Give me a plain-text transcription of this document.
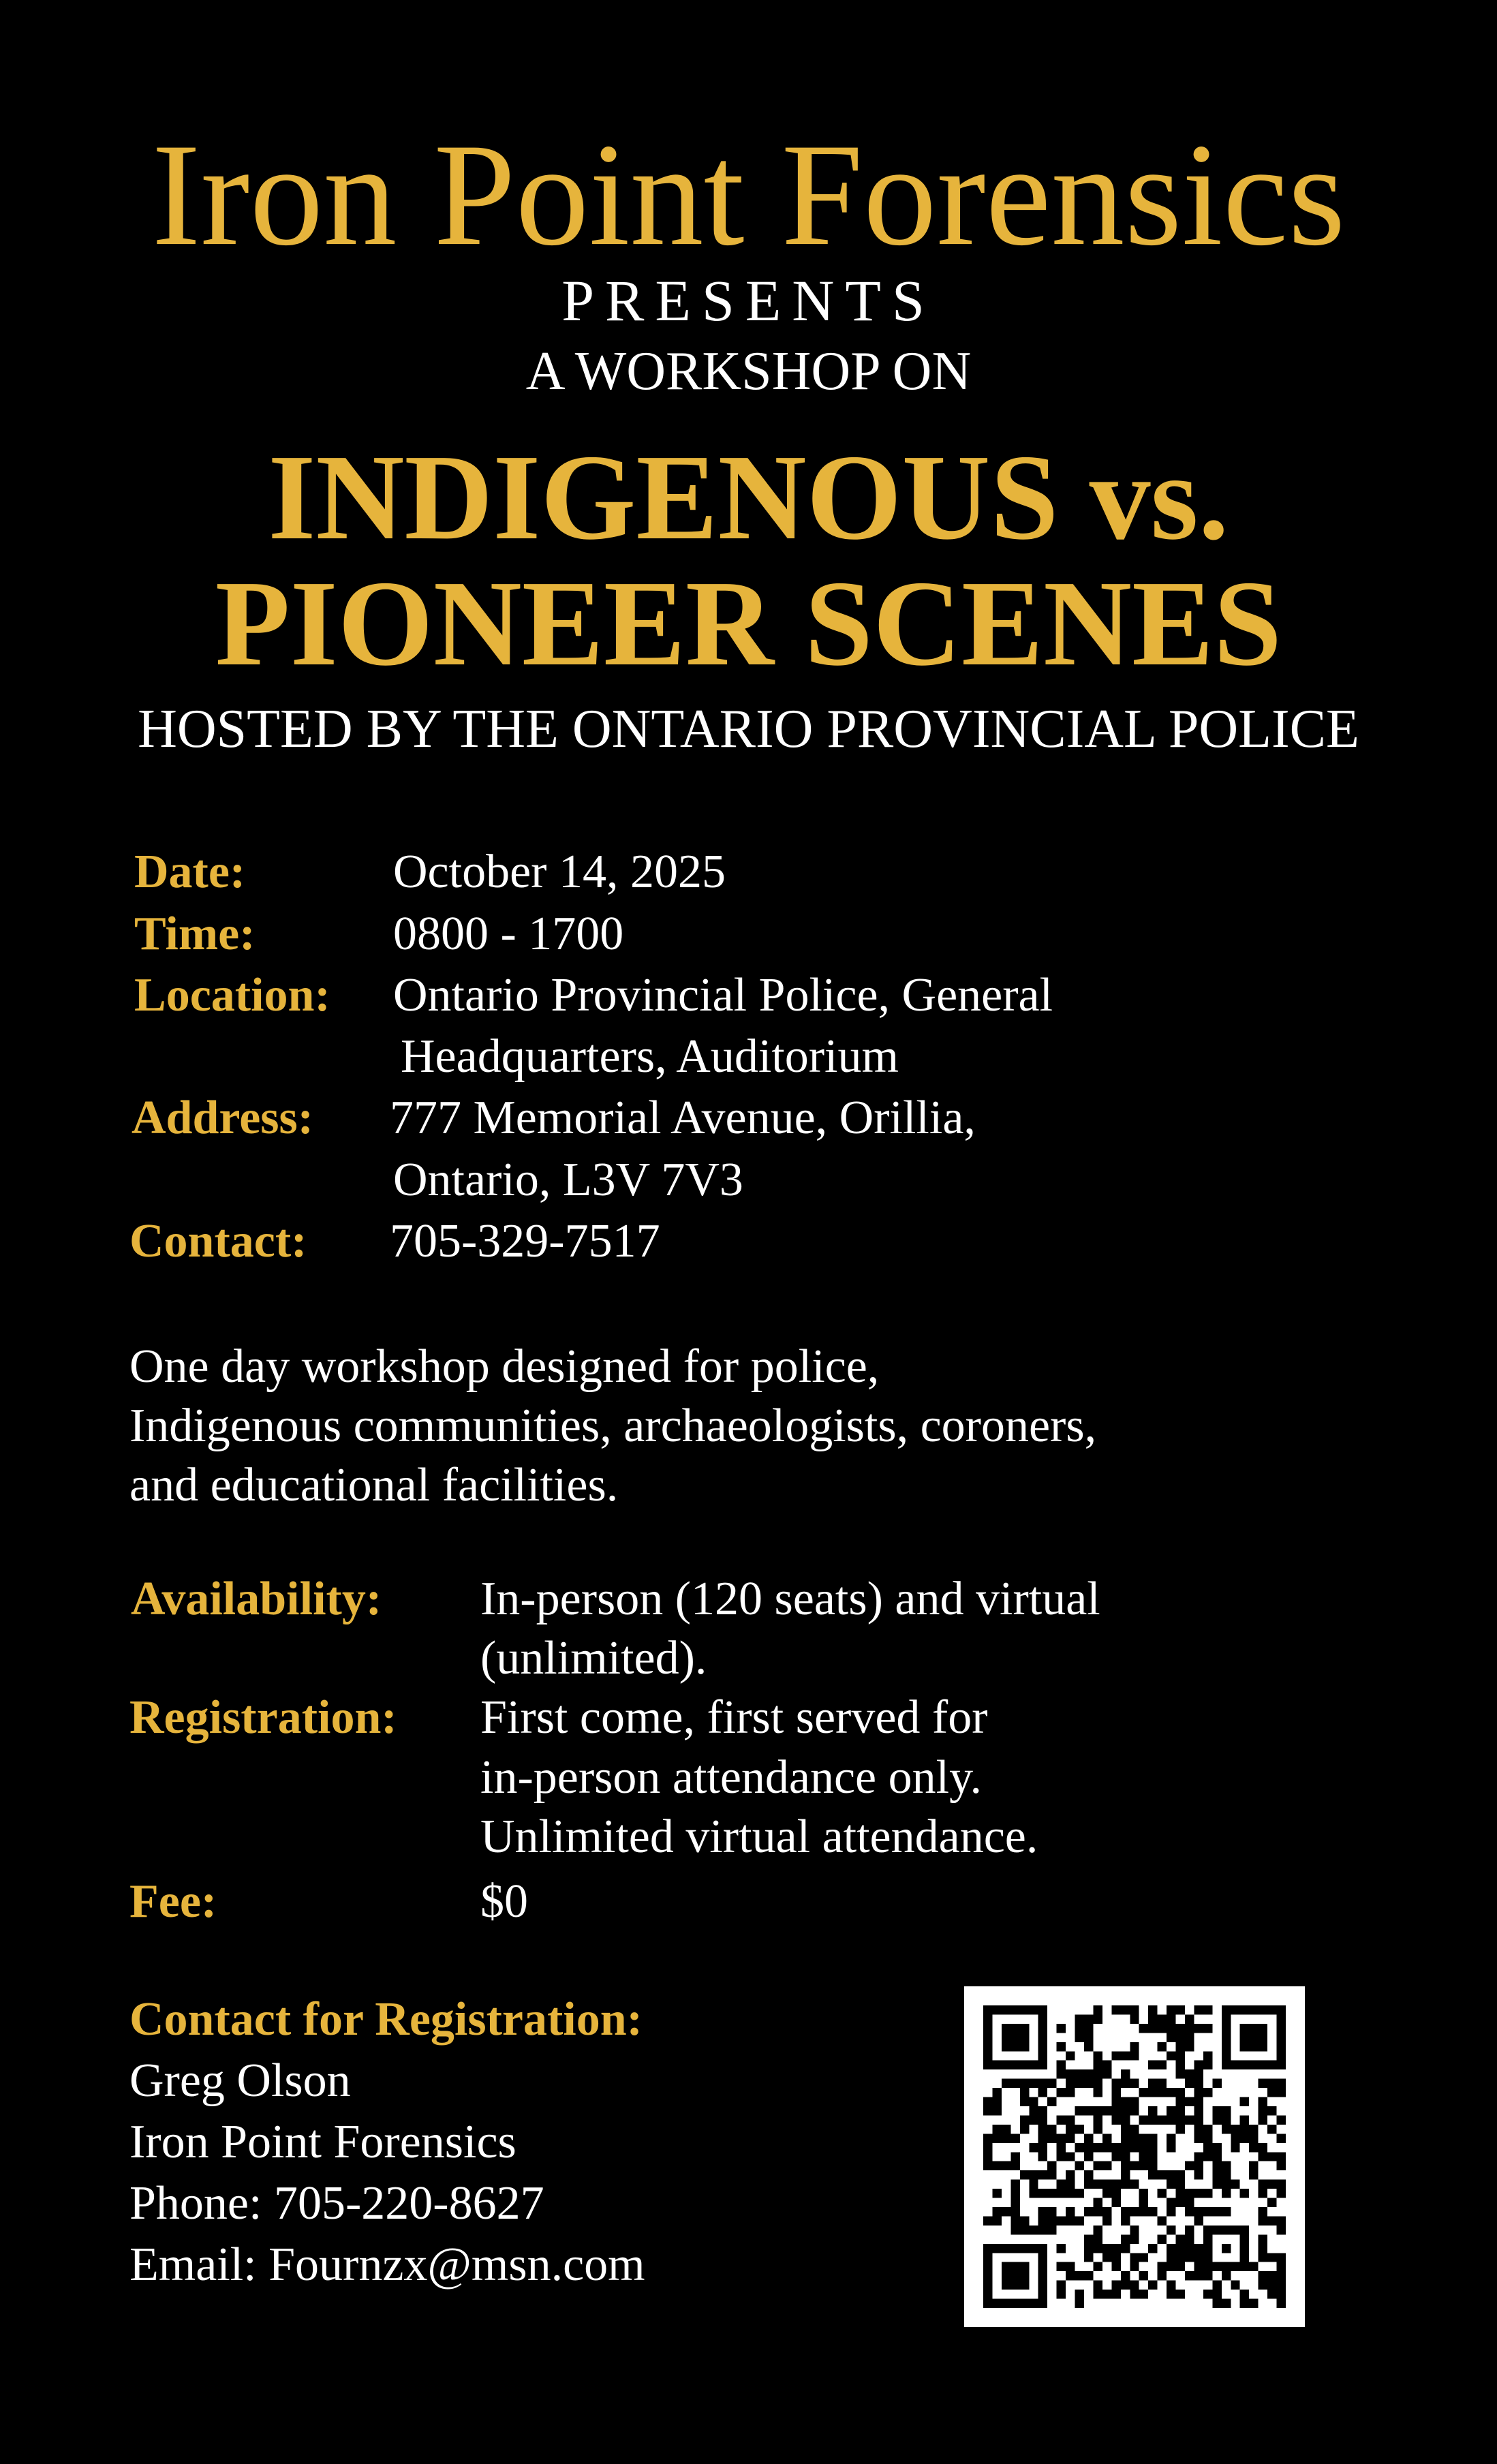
Iron Point Forensics
PRESENTS
A WORKSHOP ON
INDIGENOUS vs.
PIONEER SCENES
HOSTED BY THE ONTARIO PROVINCIAL POLICE
Date:	October 14, 2025
Time:	0800 - 1700
Location: Ontario Provincial Police, General
Headquarters, Auditorium
Address: 777 Memorial Avenue, Orillia,
Ontario, L3V 7V3
Contact: 705-329-7517
One day workshop designed for police,
Indigenous communities, archaeologists, coroners,
and educational facilities.
Availability: In-person (120 seats) and virtual
(unlimited).
Registration: First come, first served for
in-person attendance only.
Unlimited virtual attendance.
Fee:	$0
Contact for Registration:
Greg Olson
Iron Point Forensics
Phone: 705-220-8627
Email: Fournzx@msn.com
